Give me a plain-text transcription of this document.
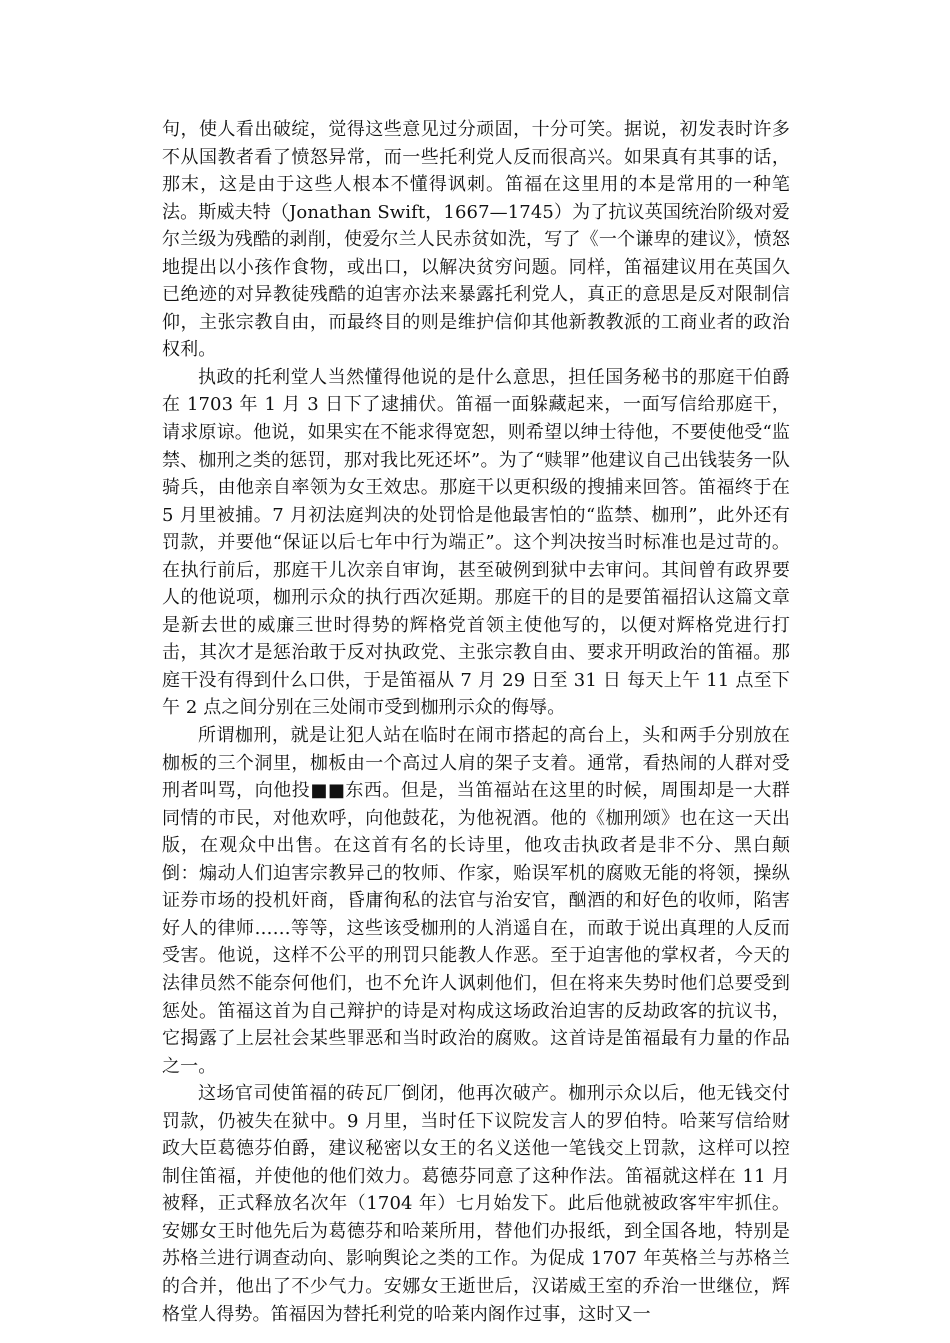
句，使人看出破绽，觉得这些意见过分顽固，十分可笑。据说，初发表时许多不从国教者看了愤怒异常，而一些托利党人反而很高兴。如果真有其事的话，那末，这是由于这些人根本不懂得讽刺。笛福在这里用的本是常用的一种笔法。斯威夫特（Jonathan Swift，1667—1745）为了抗议英国统治阶级对爱尔兰级为残酷的剥削，使爱尔兰人民赤贫如洗，写了《一个谦卑的建议》，愤怒地提出以小孩作食物，或出口，以解决贫穷问题。同样，笛福建议用在英国久已绝迹的对异教徒残酷的迫害亦法来暴露托利党人，真正的意思是反对限制信仰，主张宗教自由，而最终目的则是维护信仰其他新教教派的工商业者的政治权利。

执政的托利堂人当然懂得他说的是什么意思，担任国务秘书的那庭干伯爵在 1703 年 1 月 3 日下了逮捕伏。笛福一面躲藏起来，一面写信给那庭干，请求原谅。他说，如果实在不能求得宽恕，则希望以绅士待他，不要使他受“监禁、枷刑之类的惩罚，那对我比死还坏”。为了“赎罪”他建议自己出钱装务一队骑兵，由他亲自率领为女王效忠。那庭干以更积级的搜捕来回答。笛福终于在 5 月里被捕。7 月初法庭判决的处罚恰是他最害怕的“监禁、枷刑”，此外还有罚款，并要他“保证以后七年中行为端正”。这个判决按当时标准也是过苛的。在执行前后，那庭干儿次亲自审询，甚至破例到狱中去审问。其间曾有政界要人的他说项，枷刑示众的执行西次延期。那庭干的目的是要笛福招认这篇文章是新去世的威廉三世时得势的辉格党首领主使他写的，以便对辉格党进行打击，其次才是惩治敢于反对执政党、主张宗教自由、要求开明政治的笛福。那庭干没有得到什么口供，于是笛福从 7 月 29 日至 31 日 每天上午 11 点至下午 2 点之间分别在三处闹市受到枷刑示众的侮辱。

所谓枷刑，就是让犯人站在临时在闹市搭起的高台上，头和两手分别放在枷板的三个洞里，枷板由一个高过人肩的架子支着。通常，看热闹的人群对受刑者叫骂，向他投■■东西。但是，当笛福站在这里的时候，周围却是一大群同情的市民，对他欢呼，向他鼓花，为他祝酒。他的《枷刑颂》也在这一天出版，在观众中出售。在这首有名的长诗里，他攻击执政者是非不分、黑白颠倒：煽动人们迫害宗教异己的牧师、作家，贻误军机的腐败无能的将领，操纵证券市场的投机奸商，昏庸徇私的法官与治安官，酗酒的和好色的收师，陷害好人的律师……等等，这些该受枷刑的人消遥自在，而敢于说出真理的人反而受害。他说，这样不公平的刑罚只能教人作恶。至于迫害他的掌权者，今天的法律员然不能奈何他们，也不允许人讽刺他们，但在将来失势时他们总要受到惩处。笛福这首为自己辩护的诗是对构成这场政治迫害的反劫政客的抗议书，它揭露了上层社会某些罪恶和当时政治的腐败。这首诗是笛福最有力量的作品之一。

这场官司使笛福的砖瓦厂倒闭，他再次破产。枷刑示众以后，他无钱交付罚款，仍被失在狱中。9 月里，当时任下议院发言人的罗伯特。哈莱写信给财政大臣葛德芬伯爵，建议秘密以女王的名义送他一笔钱交上罚款，这样可以控制住笛福，并使他的他们效力。葛德芬同意了这种作法。笛福就这样在 11 月被释，正式释放名次年（1704 年）七月始发下。此后他就被政客牢牢抓住。安娜女王时他先后为葛德芬和哈莱所用，替他们办报纸，到全国各地，特别是苏格兰进行调查动向、影响舆论之类的工作。为促成 1707 年英格兰与苏格兰的合并，他出了不少气力。安娜女王逝世后，汉诺威王室的乔治一世继位，辉格堂人得势。笛福因为替托利党的哈莱内阁作过事，这时又一
